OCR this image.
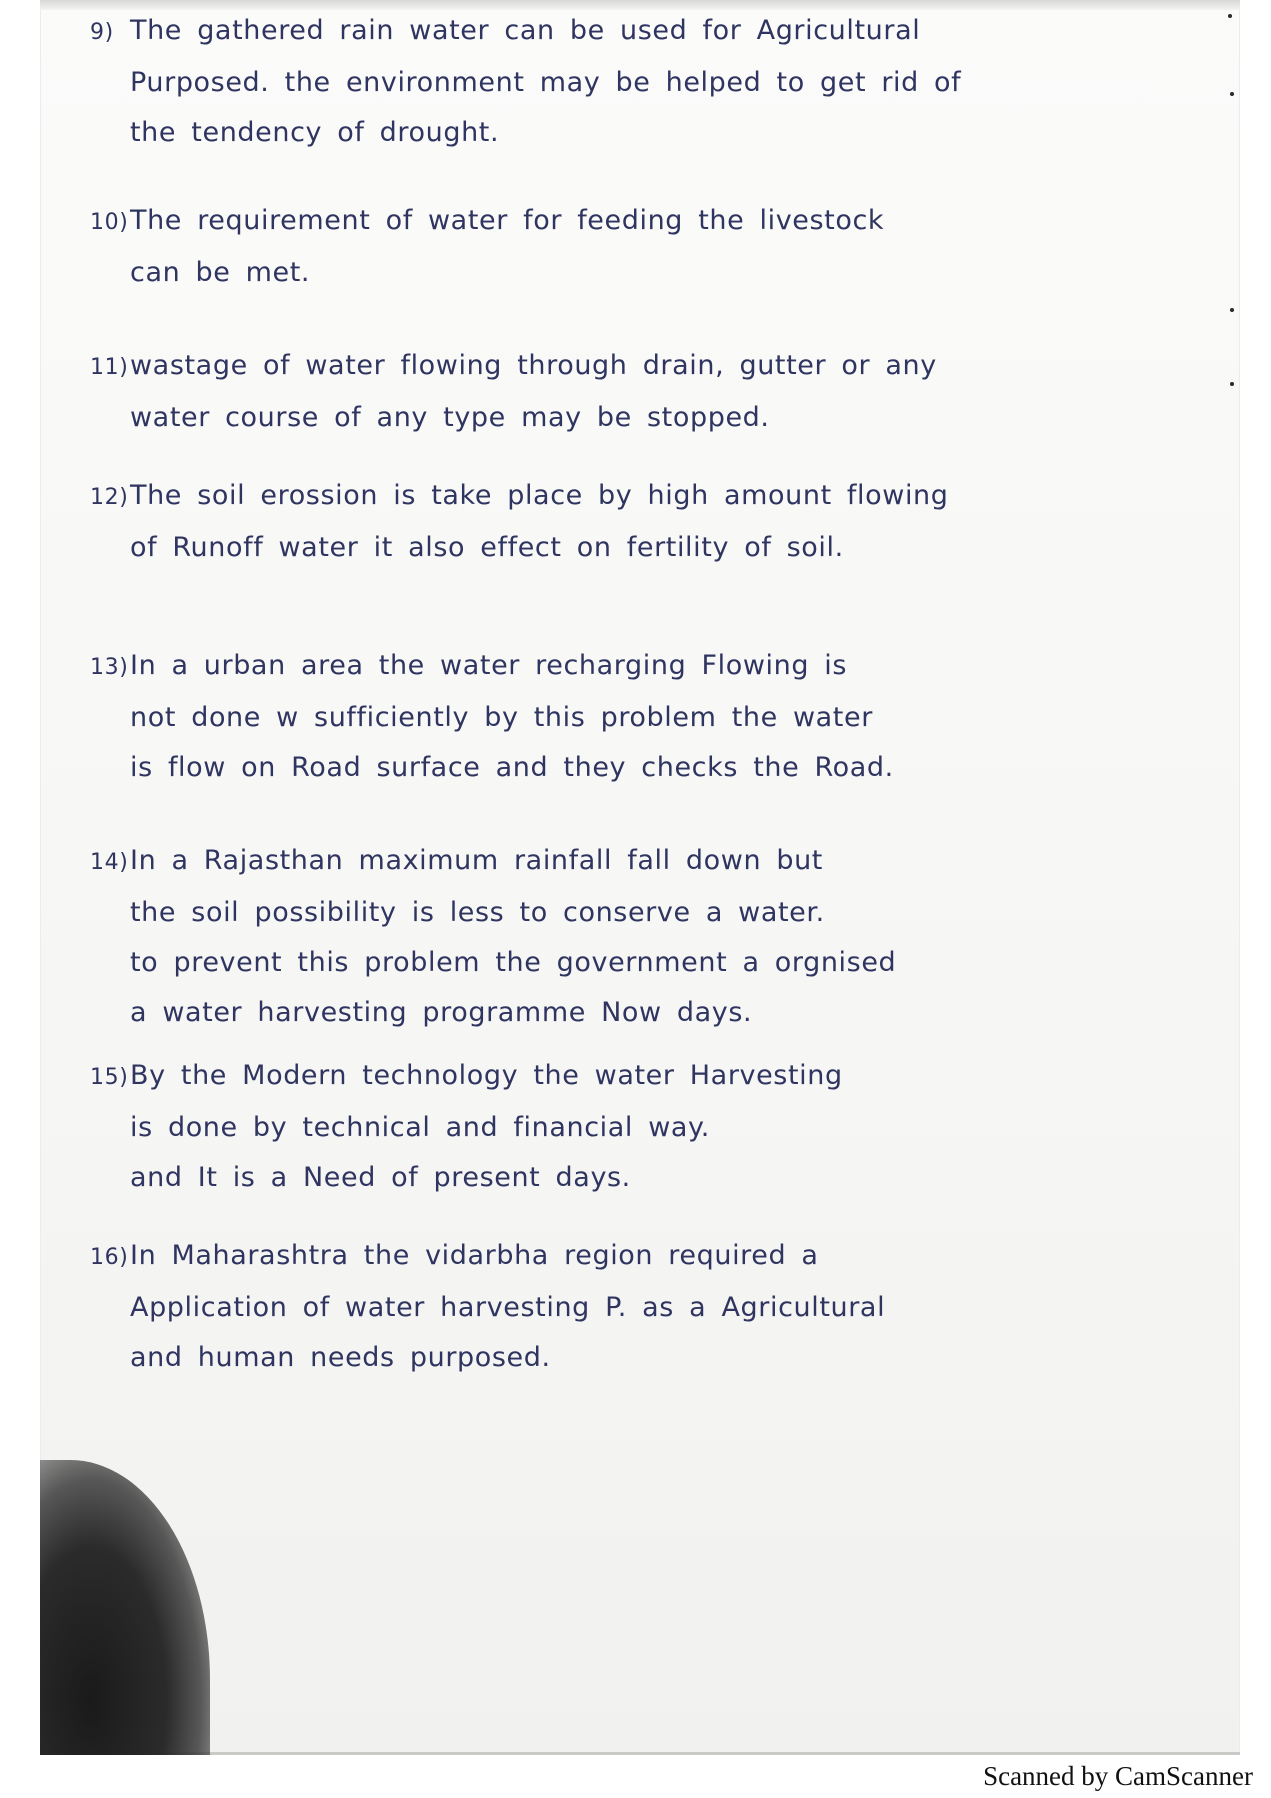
9) The gathered rain water can be used for Agricultural
Purposed. the environment may be helped to get rid of
the tendency of drought.
10)The requirement of water for feeding the livestock
can be met.
11)wastage of water flowing through drain, gutter or any
water course of any type may be stopped.
12)The soil erossion is take place by high amount flowing
of Runoff water it also effect on fertility of soil.
13)In a urban area the water recharging Flowing is
not done w sufficiently by this problem the water
is flow on Road surface and they checks the Road.
14)In a Rajasthan maximum rainfall fall down but
the soil possibility is less to conserve a water.
to prevent this problem the government a orgnised
a water harvesting programme Now days.
15)By the Modern technology the water Harvesting
is done by technical and financial way.
and It is a Need of present days.
16)In Maharashtra the vidarbha region required a
Application of water harvesting P. as a Agricultural
and human needs purposed.
Scanned by CamScanner
